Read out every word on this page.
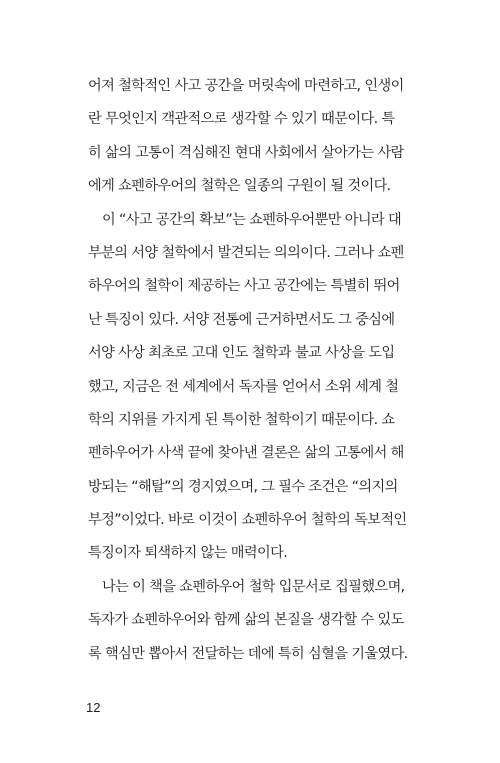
어져 철학적인 사고 공간을 머릿속에 마련하고, 인생이
란 무엇인지 객관적으로 생각할 수 있기 때문이다. 특
히 삶의 고통이 격심해진 현대 사회에서 살아가는 사람
에게 쇼펜하우어의 철학은 일종의 구원이 될 것이다.
이 “사고 공간의 확보”는 쇼펜하우어뿐만 아니라 대
부분의 서양 철학에서 발견되는 의의이다. 그러나 쇼펜
하우어의 철학이 제공하는 사고 공간에는 특별히 뛰어
난 특징이 있다. 서양 전통에 근거하면서도 그 중심에
서양 사상 최초로 고대 인도 철학과 불교 사상을 도입
했고, 지금은 전 세계에서 독자를 얻어서 소위 세계 철
학의 지위를 가지게 된 특이한 철학이기 때문이다. 쇼
펜하우어가 사색 끝에 찾아낸 결론은 삶의 고통에서 해
방되는 “해탈”의 경지였으며, 그 필수 조건은 “의지의
부정”이었다. 바로 이것이 쇼펜하우어 철학의 독보적인
특징이자 퇴색하지 않는 매력이다.
나는 이 책을 쇼펜하우어 철학 입문서로 집필했으며,
독자가 쇼펜하우어와 함께 삶의 본질을 생각할 수 있도
록 핵심만 뽑아서 전달하는 데에 특히 심혈을 기울였다.
12
